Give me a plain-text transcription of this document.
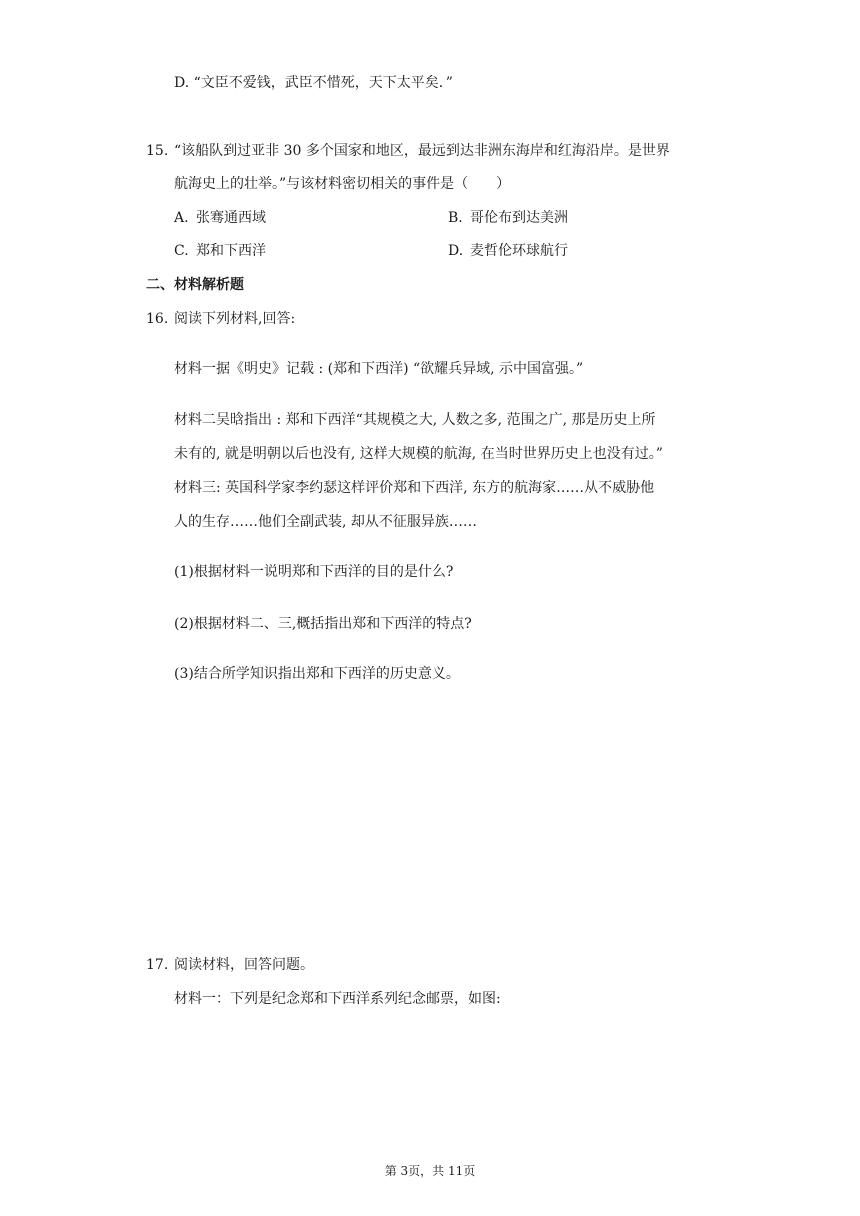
D. “文臣不爱钱，武臣不惜死，天下太平矣．”
15. “该船队到过亚非 30 多个国家和地区，最远到达非洲东海岸和红海沿岸。是世界
航海史上的壮举。”与该材料密切相关的事件是（　　）
A. 张骞通西域	B. 哥伦布到达美洲
C. 郑和下西洋	D. 麦哲伦环球航行
二、材料解析题
16. 阅读下列材料,回答:
材料一据《明史》记载 : (郑和下西洋) “欲耀兵异域, 示中国富强。”
材料二吴晗指出 : 郑和下西洋“其规模之大, 人数之多, 范围之广, 那是历史上所
未有的, 就是明朝以后也没有, 这样大规模的航海, 在当时世界历史上也没有过。”
材料三: 英国科学家李约瑟这样评价郑和下西洋, 东方的航海家‥‥‥从不威胁他
人的生存‥‥‥他们全副武装, 却从不征服异族‥‥‥
(1)根据材料一说明郑和下西洋的目的是什么?
(2)根据材料二、三,概括指出郑和下西洋的特点?
(3)结合所学知识指出郑和下西洋的历史意义。
17. 阅读材料，回答问题。
材料一：下列是纪念郑和下西洋系列纪念邮票，如图:
第 3页，共 11页
